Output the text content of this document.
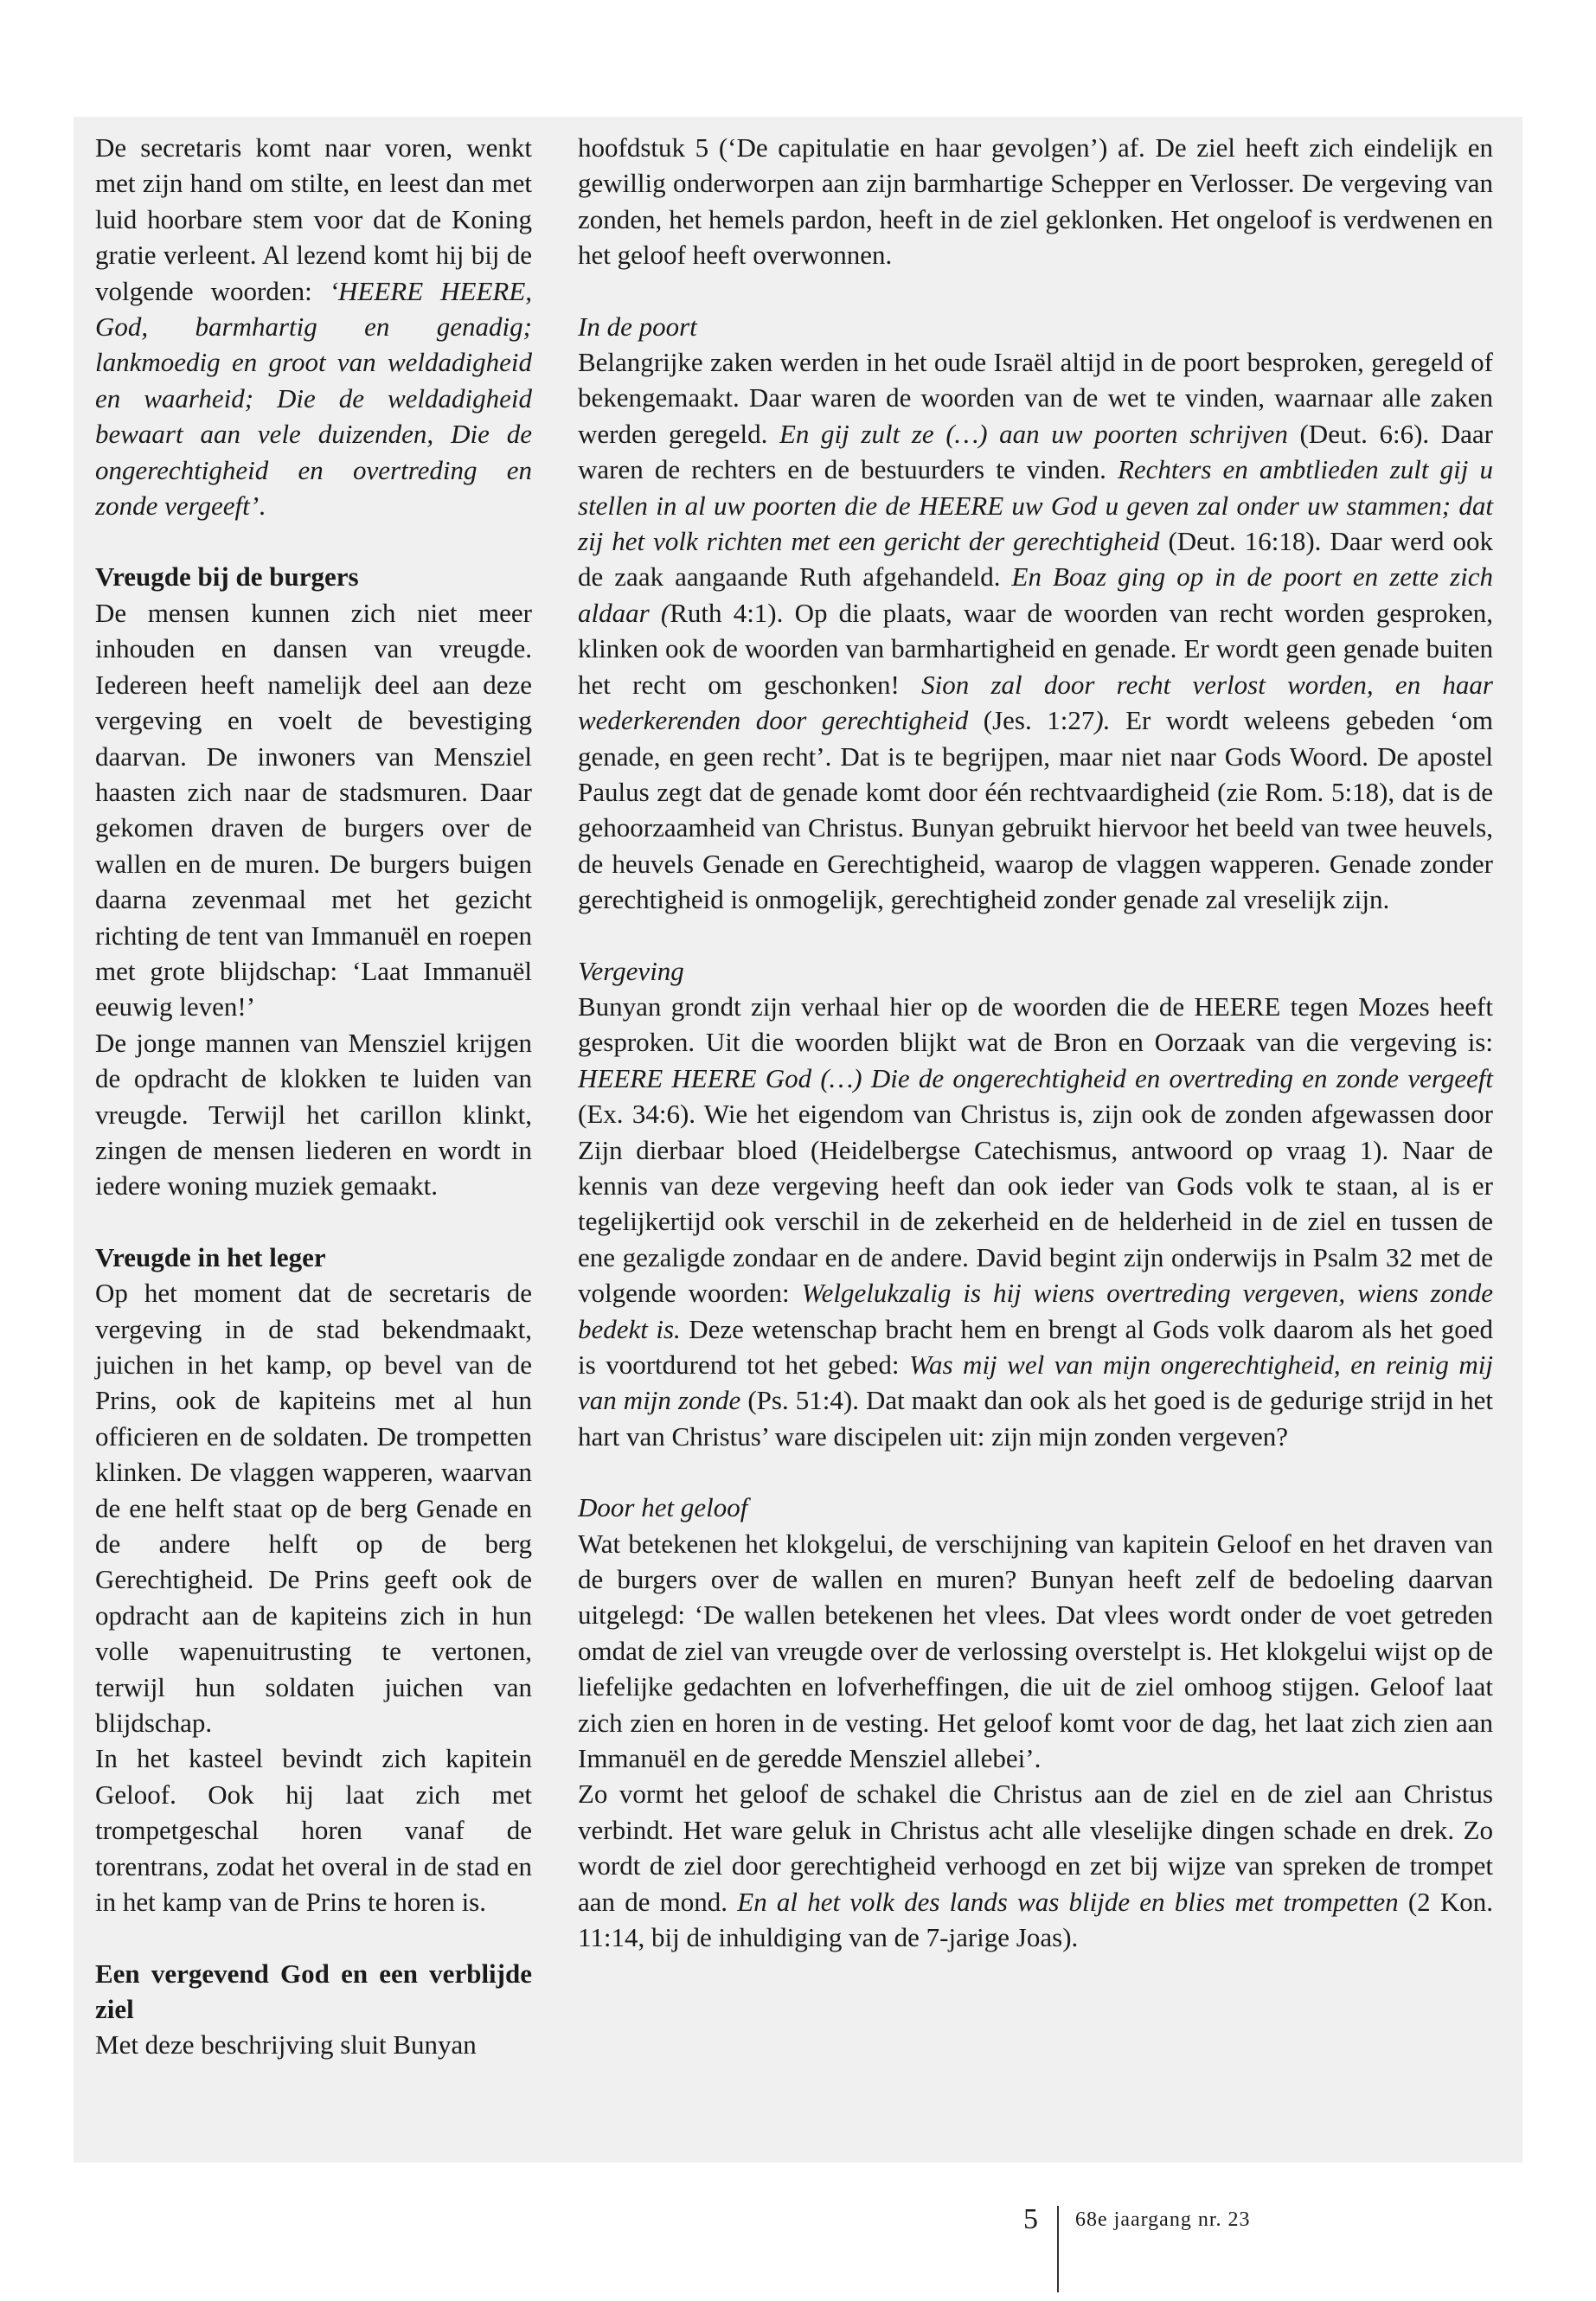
De secretaris komt naar voren, wenkt met zijn hand om stilte, en leest dan met luid hoorbare stem voor dat de Koning gratie verleent. Al lezend komt hij bij de volgende woorden: ‘HEERE HEERE, God, barmhartig en genadig; lankmoedig en groot van weldadigheid en waarheid; Die de weldadigheid bewaart aan vele duizenden, Die de ongerechtigheid en overtreding en zonde vergeeft’.

Vreugde bij de burgers

De mensen kunnen zich niet meer inhouden en dansen van vreugde. Iedereen heeft namelijk deel aan deze vergeving en voelt de bevestiging daarvan. De inwoners van Mensziel haasten zich naar de stadsmuren. Daar gekomen draven de burgers over de wallen en de muren. De burgers buigen daarna zevenmaal met het gezicht richting de tent van Immanuël en roepen met grote blijdschap: ‘Laat Immanuël eeuwig leven!’

De jonge mannen van Mensziel krijgen de opdracht de klokken te luiden van vreugde. Terwijl het carillon klinkt, zingen de mensen liederen en wordt in iedere woning muziek gemaakt.

Vreugde in het leger

Op het moment dat de secretaris de vergeving in de stad bekendmaakt, juichen in het kamp, op bevel van de Prins, ook de kapiteins met al hun officieren en de soldaten. De trompetten klinken. De vlaggen wapperen, waarvan de ene helft staat op de berg Genade en de andere helft op de berg Gerechtigheid. De Prins geeft ook de opdracht aan de kapiteins zich in hun volle wapenuitrusting te vertonen, terwijl hun soldaten juichen van blijdschap.

In het kasteel bevindt zich kapitein Geloof. Ook hij laat zich met trompetgeschal horen vanaf de torentrans, zodat het overal in de stad en in het kamp van de Prins te horen is.

Een vergevend God en een verblijde ziel

Met deze beschrijving sluit Bunyan

hoofdstuk 5 (‘De capitulatie en haar gevolgen’) af. De ziel heeft zich eindelijk en gewillig onderworpen aan zijn barmhartige Schepper en Verlosser. De vergeving van zonden, het hemels pardon, heeft in de ziel geklonken. Het ongeloof is verdwenen en het geloof heeft overwonnen.

In de poort

Belangrijke zaken werden in het oude Israël altijd in de poort besproken, geregeld of bekengemaakt. Daar waren de woorden van de wet te vinden, waarnaar alle zaken werden geregeld. En gij zult ze (…) aan uw poorten schrijven (Deut. 6:6). Daar waren de rechters en de bestuurders te vinden. Rechters en ambtlieden zult gij u stellen in al uw poorten die de HEERE uw God u geven zal onder uw stammen; dat zij het volk richten met een gericht der gerechtigheid (Deut. 16:18). Daar werd ook de zaak aangaande Ruth afgehandeld. En Boaz ging op in de poort en zette zich aldaar (Ruth 4:1). Op die plaats, waar de woorden van recht worden gesproken, klinken ook de woorden van barmhartigheid en genade. Er wordt geen genade buiten het recht om geschonken! Sion zal door recht verlost worden, en haar wederkerenden door gerechtigheid (Jes. 1:27). Er wordt weleens gebeden ‘om genade, en geen recht’. Dat is te begrijpen, maar niet naar Gods Woord. De apostel Paulus zegt dat de genade komt door één rechtvaardigheid (zie Rom. 5:18), dat is de gehoorzaamheid van Christus. Bunyan gebruikt hiervoor het beeld van twee heuvels, de heuvels Genade en Gerechtigheid, waarop de vlaggen wapperen. Genade zonder gerechtigheid is onmogelijk, gerechtigheid zonder genade zal vreselijk zijn.

Vergeving

Bunyan grondt zijn verhaal hier op de woorden die de HEERE tegen Mozes heeft gesproken. Uit die woorden blijkt wat de Bron en Oorzaak van die vergeving is: HEERE HEERE God (…) Die de ongerechtigheid en overtreding en zonde vergeeft (Ex. 34:6). Wie het eigendom van Christus is, zijn ook de zonden afgewassen door Zijn dierbaar bloed (Heidelbergse Catechismus, antwoord op vraag 1). Naar de kennis van deze vergeving heeft dan ook ieder van Gods volk te staan, al is er tegelijkertijd ook verschil in de zekerheid en de helderheid in de ziel en tussen de ene gezaligde zondaar en de andere. David begint zijn onderwijs in Psalm 32 met de volgende woorden: Welgelukzalig is hij wiens overtreding vergeven, wiens zonde bedekt is. Deze wetenschap bracht hem en brengt al Gods volk daarom als het goed is voortdurend tot het gebed: Was mij wel van mijn ongerechtigheid, en reinig mij van mijn zonde (Ps. 51:4). Dat maakt dan ook als het goed is de gedurige strijd in het hart van Christus’ ware discipelen uit: zijn mijn zonden vergeven?

Door het geloof

Wat betekenen het klokgelui, de verschijning van kapitein Geloof en het draven van de burgers over de wallen en muren? Bunyan heeft zelf de bedoeling daarvan uitgelegd: ‘De wallen betekenen het vlees. Dat vlees wordt onder de voet getreden omdat de ziel van vreugde over de verlossing overstelpt is. Het klokgelui wijst op de liefelijke gedachten en lofverheffingen, die uit de ziel omhoog stijgen. Geloof laat zich zien en horen in de vesting. Het geloof komt voor de dag, het laat zich zien aan Immanuël en de geredde Mensziel allebei’.

Zo vormt het geloof de schakel die Christus aan de ziel en de ziel aan Christus verbindt. Het ware geluk in Christus acht alle vleselijke dingen schade en drek. Zo wordt de ziel door gerechtigheid verhoogd en zet bij wijze van spreken de trompet aan de mond. En al het volk des lands was blijde en blies met trompetten (2 Kon. 11:14, bij de inhuldiging van de 7-jarige Joas).

5 68e jaargang nr. 23
